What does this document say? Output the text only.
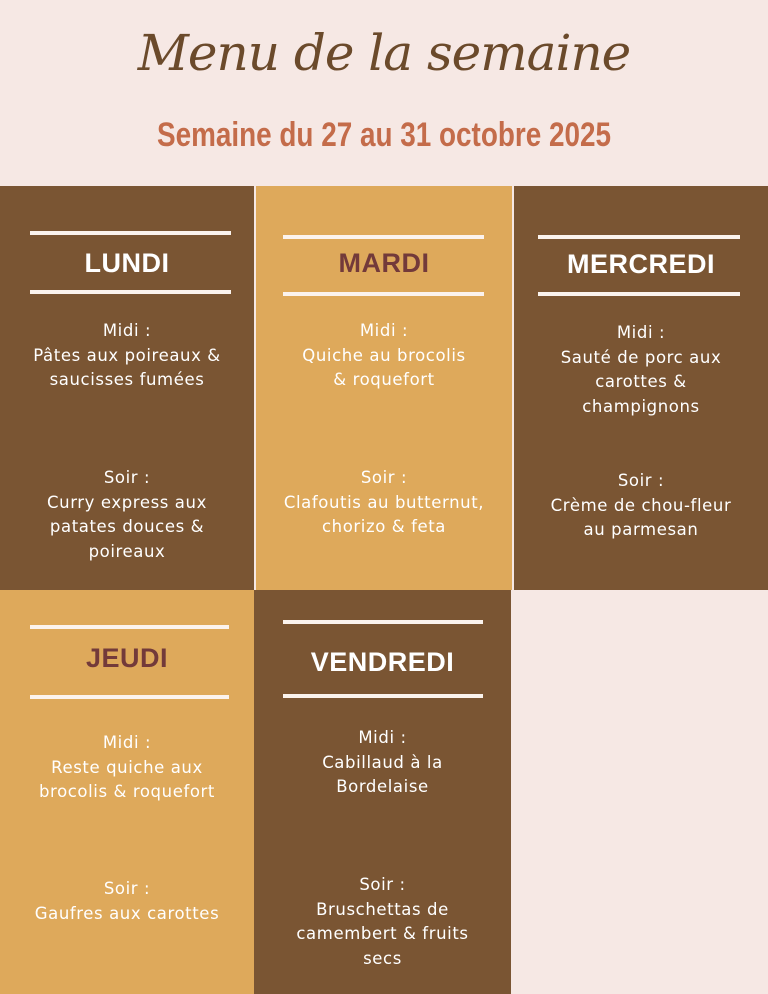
Menu de la semaine
Semaine du 27 au 31 octobre 2025
LUNDI
Midi :
Pâtes aux poireaux &
saucisses fumées
Soir :
Curry express aux
patates douces &
poireaux
MARDI
Midi :
Quiche au brocolis
& roquefort
Soir :
Clafoutis au butternut,
chorizo & feta
MERCREDI
Midi :
Sauté de porc aux
carottes &
champignons
Soir :
Crème de chou-fleur
au parmesan
JEUDI
Midi :
Reste quiche aux
brocolis & roquefort
Soir :
Gaufres aux carottes
VENDREDI
Midi :
Cabillaud à la
Bordelaise
Soir :
Bruschettas de
camembert & fruits
secs
